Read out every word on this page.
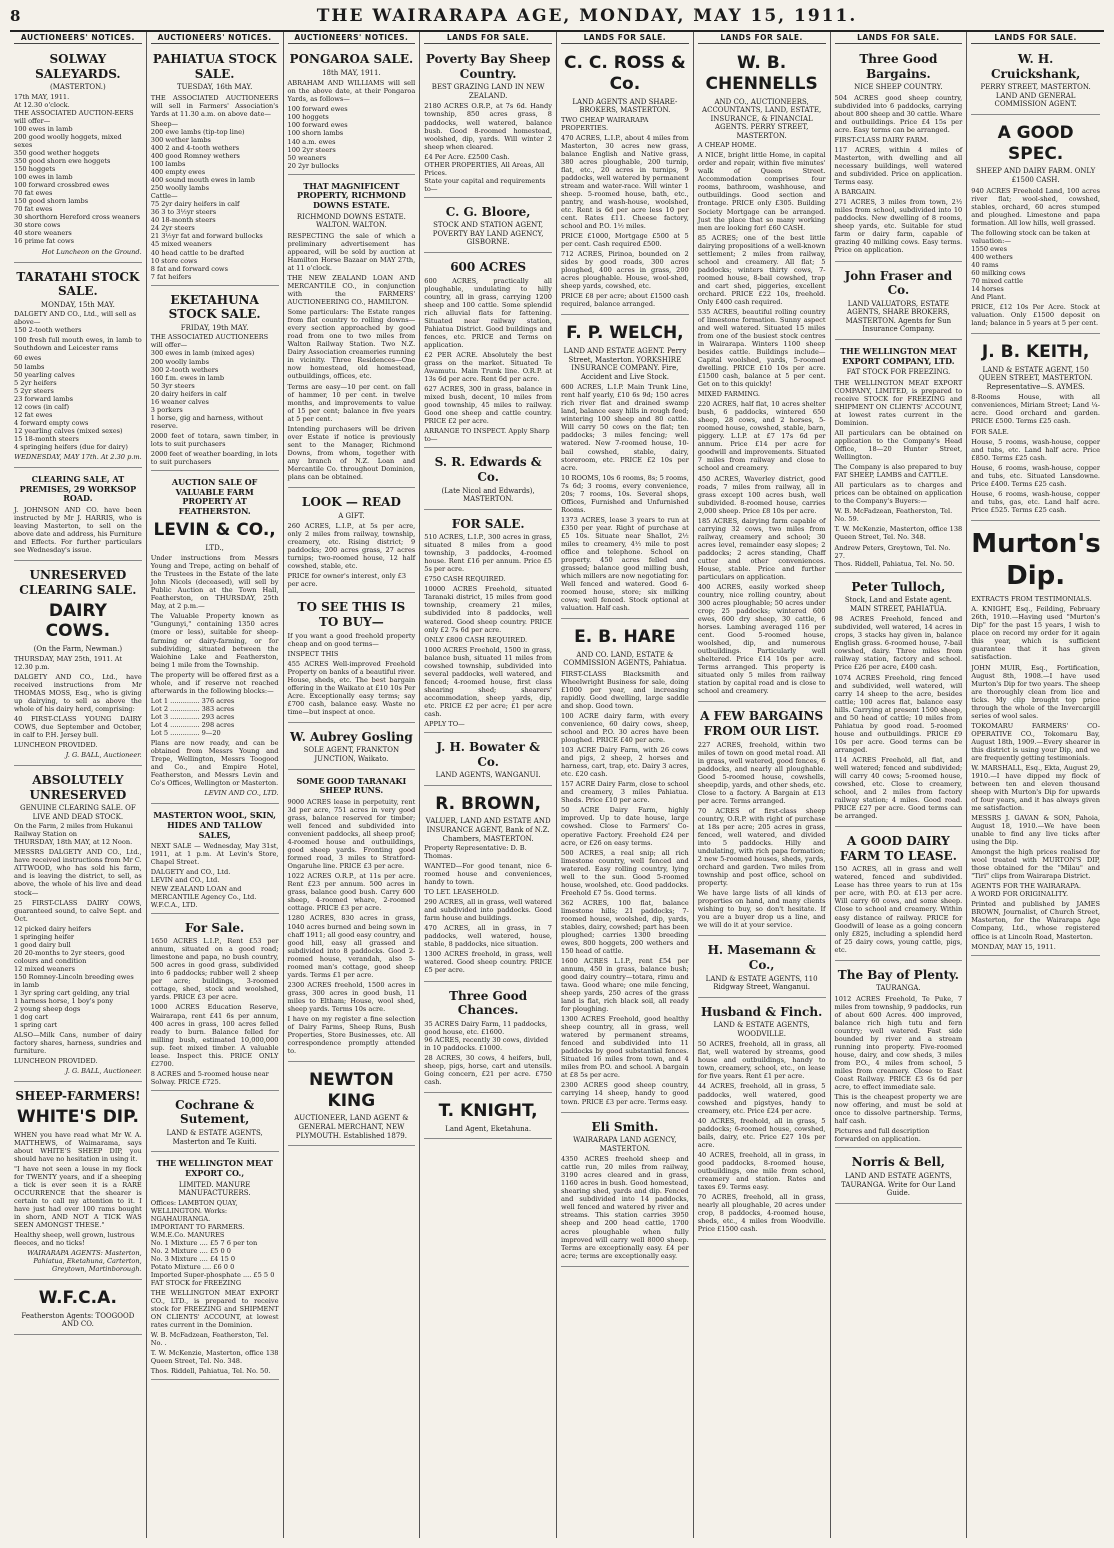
8	THE WAIRARAPA AGE, MONDAY, MAY 15, 1911.
AUCTIONEERS' NOTICES.
SOLWAY SALEYARDS.
(MASTERTON.)
17th MAY, 1911.
At 12.30 o'clock.
THE ASSOCIATED AUCTION-EERS will offer—
100 ewes in lamb
200 good woolly hoggets, mixed sexes
350 good wether hoggets
350 good shorn ewe hoggets
150 hoggets
100 ewes in lamb
100 forward crossbred ewes
70 fat ewes
150 good shorn lambs
70 fat ewes
30 shorthorn Hereford cross weaners
30 store cows
40 store weaners
16 prime fat cows
Hot Luncheon on the Ground.
TARATAHI STOCK SALE.
MONDAY, 15th MAY.
DALGETY AND CO., Ltd., will sell as above—
150 2-tooth wethers
100 fresh full mouth ewes, in lamb to Southdown and Leicester rams
60 ewes
50 lambs
50 yearling calves
5 2yr heifers
5 2yr steers
23 forward lambs
12 cows (in calf)
12 fat ewes
4 forward empty cows
12 yearling calves (mixed sexes)
15 18-month steers
4 springing heifers (due for dairy)
WEDNESDAY, MAY 17th. At 2.30 p.m.
CLEARING SALE, AT PREMISES, 29 WORKSOP ROAD.
J. JOHNSON AND CO. have been instructed by Mr J. HARRIS, who is leaving Masterton, to sell on the above date and address, his Furniture and Effects. For further particulars see Wednesday's issue.
UNRESERVED CLEARING SALE.
DAIRY COWS.
(On the Farm, Newman.)
THURSDAY, MAY 25th, 1911. At 12.30 p.m.
DALGETY AND CO., Ltd., have received instructions from Mr THOMAS MOSS, Esq., who is giving up dairying, to sell as above the whole of his dairy herd, comprising:
40 FIRST-CLASS YOUNG DAIRY COWS, due September and October, in calf to P.H. Jersey bull.
LUNCHEON PROVIDED.
J. G. BALL, Auctioneer.
ABSOLUTELY UNRESERVED
GENUINE CLEARING SALE. OF LIVE AND DEAD STOCK.
On the Farm, 2 miles from Hukanui Railway Station on
THURSDAY, 18th MAY, at 12 Noon.
MESSRS DALGETY AND CO., Ltd., have received instructions from Mr C. ATTWOOD, who has sold his farm, and is leaving the district, to sell, as above, the whole of his live and dead stock—
25 FIRST-CLASS DAIRY COWS, guaranteed sound, to calve Sept. and Oct.
12 picked dairy heifers
1 springing heifer
1 good dairy bull
20 20-months to 2yr steers, good colours and condition
12 mixed weaners
150 Romney-Lincoln breeding ewes in lamb
1 3yr spring cart gelding, any trial
1 harness horse, 1 boy's pony
2 young sheep dogs
1 dog cart
1 spring cart
ALSO—Milk Cans, number of dairy factory shares, harness, sundries and furniture.
LUNCHEON PROVIDED.
J. G. BALL, Auctioneer.
SHEEP-FARMERS!
WHITE'S DIP.
WHEN you have read what Mr W. A. MATTHEWS, of Waimarama, says about WHITE'S SHEEP DIP, you should have no hesitation in using it.
"I have not seen a louse in my flock for TWENTY years, and if a sheeping a tick is ever seen it is a RARE OCCURRENCE that the shearer is certain to call my attention to it. I have just had over 100 rams bought in shorn, AND NOT A TICK WAS SEEN AMONGST THESE."
Healthy sheep, well grown, lustrous fleeces, and no ticks!
WAIRARAPA AGENTS: Masterton, Pahiatua, Eketahuna, Carterton, Greytown, Martinborough.
W.F.C.A.
Featherston Agents: TOOGOOD AND CO.
AUCTIONEERS' NOTICES.
PAHIATUA STOCK SALE.
TUESDAY, 16th MAY.
THE ASSOCIATED AUCTIONEERS will sell in Farmers' Association's Yards at 11.30 a.m. on above date—
Sheep—
200 ewe lambs (tip-top line)
300 wether lambs
400 2 and 4-tooth wethers
400 good Romney wethers
100 lambs
400 empty ewes
400 sound mouth ewes in lamb
250 woolly lambs
Cattle—
75 2yr dairy heifers in calf
36 3 to 3½yr steers
40 18-month steers
24 2yr steers
21 3½yr fat and forward bullocks
45 mixed weaners
40 head cattle to be drafted
10 store cows
8 fat and forward cows
7 fat heifers
EKETAHUNA STOCK SALE.
FRIDAY, 19th MAY.
THE ASSOCIATED AUCTIONEERS will offer—
300 ewes in lamb (mixed ages)
200 woolly lambs
300 2-tooth wethers
160 f.m. ewes in lamb
50 3yr steers
20 dairy heifers in calf
16 weaner calves
3 porkers
1 horse, gig and harness, without reserve.
2000 feet of totara, sawn timber, in lots to suit purchasers
2000 feet of weather boarding, in lots to suit purchasers
AUCTION SALE OF VALUABLE FARM PROPERTY AT FEATHERSTON.
LEVIN & CO.,
LTD.,
Under instructions from Messrs Young and Trepe, acting on behalf of the Trustees in the Estate of the late John Nicols (deceased), will sell by Public Auction at the Town Hall, Featherston, on THURSDAY, 25th May, at 2 p.m.—
The Valuable Property known as "Gungunyi," containing 1350 acres (more or less), suitable for sheep-farming or dairy-farming, or for subdividing, situated between the Waiohine Lake and Featherston, being 1 mile from the Township.
The property will be offered first as a whole, and if reserve not reached afterwards in the following blocks:—
Lot 1 .............. 376 acres
Lot 2 .............. 383 acres
Lot 3 .............. 293 acres
Lot 4 .............. 298 acres
Lot 5 .............. 9—20
Plans are now ready, and can be obtained from Messrs Young and Trepe, Wellington, Messrs Toogood and Co., and Empire Hotel, Featherston, and Messrs Levin and Co's Offices, Wellington or Masterton.
LEVIN AND CO., LTD.
MASTERTON WOOL, SKIN, HIDES AND TALLOW SALES,
NEXT SALE — Wednesday, May 31st, 1911, at 1 p.m. At Levin's Store, Chapel Street.
DALGETY and CO., Ltd.
LEVIN and CO., Ltd.
NEW ZEALAND LOAN and MERCANTILE Agency Co., Ltd.
W.F.C.A., LTD.
For Sale.
1650 ACRES L.I.P., Rent £53 per annum, situated on a good road; limestone and papa, no bush country, 500 acres in good grass, subdivided into 6 paddocks; rubber well 2 sheep per acre; buildings, 3-roomed cottage, shed, stock and woolshed, yards. PRICE £3 per acre.
1000 ACRES Education Reserve, Wairarapa, rent £41 6s per annum, 400 acres in grass, 100 acres felled ready to burn. Balance felled for milling bush, estimated 10,000,000 sup. feet mixed timber. A valuable lease. Inspect this. PRICE ONLY £2700.
8 ACRES and 5-roomed house near Solway. PRICE £725.
Cochrane & Sutement,
LAND & ESTATE AGENTS, Masterton and Te Kuiti.
THE WELLINGTON MEAT EXPORT CO.,
LIMITED. MANURE MANUFACTURERS.
Offices: LAMBTON QUAY, WELLINGTON. Works: NGAHAURANGA.
IMPORTANT TO FARMERS. W.M.E.Co. MANURES
No. 1 Mixture .... £5 7 6 per ton
No. 2 Mixture .... £5 0 0
No. 3 Mixture .... £4 15 0
Potato Mixture .... £6 0 0
Imported Super-phosphate .... £5 5 0
FAT STOCK for FREEZING
THE WELLINGTON MEAT EXPORT CO., LTD., is prepared to receive stock for FREEZING and SHIPMENT ON CLIENTS' ACCOUNT, at lowest rates current in the Dominion.
W. B. McFadzean, Featherston, Tel. No. .
T. W. McKenzie, Masterton, office 138 Queen Street, Tel. No. 348.
Thos. Riddell, Pahiatua, Tel. No. 50.
AUCTIONEERS' NOTICES.
PONGAROA SALE.
18th MAY, 1911.
ABRAHAM AND WILLIAMS will sell on the above date, at their Pongaroa Yards, as follows—
100 forward ewes
100 hoggets
100 forward ewes
100 shorn lambs
140 a.m. ewes
100 2yr steers
50 weaners
20 2yr bullocks
THAT MAGNIFICENT PROPERTY, RICHMOND DOWNS ESTATE.
RICHMOND DOWNS ESTATE. WALTON. WALTON.
RESPECTING the sale of which a preliminary advertisement has appeared, will be sold by auction at Hamilton Horse Bazaar on MAY 27th, at 11 o'clock.
THE NEW ZEALAND LOAN AND MERCANTILE CO., in conjunction with the FARMERS' AUCTIONEERING CO., HAMILTON.
Some particulars: The Estate ranges from flat country to rolling downs—every section approached by good road from one to two miles from Walton Railway Station. Two N.Z. Dairy Association creameries running in vicinity. Three Residences—One now homestead, old homestead, outbuildings, offices, etc.
Terms are easy—10 per cent. on fall of hammer, 10 per cent. in twelve months, and improvements to value of 15 per cent; balance in five years at 5 per cent.
Intending purchasers will be driven over Estate if notice is previously sent to the Manager, Richmond Downs, from whom, together with any branch of N.Z. Loan and Mercantile Co. throughout Dominion, plans can be obtained.
LOOK — READ
A GIFT.
260 ACRES, L.I.P., at 5s per acre, only 2 miles from railway, township, creamery, etc. Rising district; 9 paddocks; 200 acres grass, 27 acres turnips; two-roomed house, 12 half cowshed, stable, etc.
PRICE for owner's interest, only £3 per acre.
TO SEE THIS IS TO BUY—
If you want a good freehold property cheap and on good terms—
INSPECT THIS
455 ACRES Well-improved Freehold Property on banks of a beautiful river. House, sheds, etc. The best bargain offering in the Waikato at £10 10s Per Acre. Exceptionally easy terms; say £700 cash, balance easy. Waste no time—but inspect at once.
W. Aubrey Gosling
SOLE AGENT, FRANKTON JUNCTION, Waikato.
SOME GOOD TARANAKI SHEEP RUNS.
9000 ACRES lease in perpetuity, rent 3d per acre, 751 acres in very good grass, balance reserved for timber; well fenced and subdivided into convenient paddocks, all sheep proof; 4-roomed house and outbuildings, good sheep yards. Fronting good formed road, 3 miles to Stratford-Ongaruhe line. PRICE £3 per acre.
1022 ACRES O.R.P., at 11s per acre. Rent £23 per annum. 500 acres in grass, balance good bush. Carry 600 sheep, 4-roomed whare, 2-roomed cottage. PRICE £3 per acre.
1280 ACRES, 830 acres in grass, 1040 acres burned and being sown in chaff 1911; all good easy country, and good hill, easy all grassed and subdivided into 8 paddocks. Good 2-roomed house, verandah, also 5-roomed man's cottage, good sheep yards. Terms £1 per acre.
2300 ACRES freehold, 1500 acres in grass, 300 acres in good bush, 11 miles to Eltham; House, wool shed, sheep yards. Terms 10s acre.
I have on my register a fine selection of Dairy Farms, Sheep Runs, Bush Properties, Store Businesses, etc. All correspondence promptly attended to.
NEWTON KING
AUCTIONEER, LAND AGENT & GENERAL MERCHANT, NEW PLYMOUTH. Established 1879.
LANDS FOR SALE.
Poverty Bay Sheep Country.
BEST GRAZING LAND IN NEW ZEALAND.
2180 ACRES O.R.P., at 7s 6d. Handy township, 850 acres grass, 8 paddocks, well watered, balance bush. Good 8-roomed homestead, woolshed, dip, yards. Will winter 2 sheep when cleared.
£4 Per Acre. £2500 Cash.
OTHER PROPERTIES, All Areas, All Prices.
State your capital and requirements to—
C. G. Bloore,
STOCK AND STATION AGENT, POVERTY BAY LAND AGENCY, GISBORNE.
600 ACRES
600 ACRES, practically all ploughable, undulating to hilly country, all in grass, carrying 1200 sheep and 100 cattle. Some splendid rich alluvial flats for fattening. Situated near railway station, Pahiatua District. Good buildings and fences, etc. PRICE and Terms on application.
£2 PER ACRE. Absolutely the best grass on the market. Situated Te Awamutu. Main Trunk line. O.R.P. at 13s 6d per acre. Rent 6d per acre.
627 ACRES, 300 in grass, balance in mixed bush, decent, 10 miles from good township, 45 miles to railway. Good one sheep and cattle country. PRICE £2 per acre.
ARRANGE TO INSPECT. Apply Sharp to—
S. R. Edwards & Co.
(Late Nicol and Edwards), MASTERTON.
FOR SALE.
510 ACRES, L.I.P., 300 acres in grass, situated 8 miles from a good township, 3 paddocks, 4-roomed house. Rent £16 per annum. Price £5 5s per acre.
£750 CASH REQUIRED.
10000 ACRES Freehold, situated Taranaki district, 15 miles from good township, creamery 21 miles, subdivided into 8 paddocks, well watered. Good sheep country. PRICE only £2 7s 6d per acre.
ONLY £800 CASH REQUIRED.
1000 ACRES Freehold, 1500 in grass, balance bush, situated 11 miles from cowshed township, subdivided into several paddocks, well watered, and fenced; 4-roomed house, first class shearing shed; shearers' accommodation, sheep yards, dip, etc. PRICE £2 per acre; £1 per acre cash.
APPLY TO—
J. H. Bowater & Co.
LAND AGENTS, WANGANUI.
R. BROWN,
VALUER, LAND AND ESTATE AND INSURANCE AGENT, Bank of N.Z. Chambers, MASTERTON.
Property Representative: D. B. Thomas.
WANTED—For good tenant, nice 6-roomed house and conveniences, handy to town.
TO LET. LEASEHOLD.
290 ACRES, all in grass, well watered and subdivided into paddocks. Good farm house and buildings.
470 ACRES, all in grass, in 7 paddocks, well watered, house, stable, 8 paddocks, nice situation.
1300 ACRES freehold, in grass, well watered. Good sheep country. PRICE £5 per acre.
Three Good Chances.
35 ACRES Dairy Farm, 11 paddocks, good house, etc. £1600.
96 ACRES, recently 30 cows, divided in 10 paddocks. £1000.
28 ACRES, 30 cows, 4 heifers, bull, sheep, pigs, horse, cart and utensils. Going concern, £21 per acre. £750 cash.
T. KNIGHT,
Land Agent, Eketahuna.
LANDS FOR SALE.
C. C. ROSS & Co.
LAND AGENTS AND SHARE-BROKERS, MASTERTON.
TWO CHEAP WAIRARAPA PROPERTIES.
470 ACRES, L.I.P., about 4 miles from Masterton, 30 acres new grass, balance English and Native grass, 380 acres ploughable, 200 turnip, flat, etc., 20 acres in turnips, 9 paddocks, well watered by permanent stream and water-race. Will winter 1 sheep. 5-roomed house, bath, etc., pantry, and wash-house, woolshed, etc. Rent is 6d per acre less 10 per cent. Rates £11. Cheese factory, school and P.O. 1½ miles.
PRICE £1000, Mortgage £500 at 5 per cent. Cash required £500.
712 ACRES, Pirinoa, bounded on 2 sides by good roads, 300 acres ploughed, 400 acres in grass, 200 acres ploughable. House, wool-shed, sheep yards, cowshed, etc.
PRICE £8 per acre; about £1500 cash required, balance arranged.
F. P. WELCH,
LAND AND ESTATE AGENT. Perry Street, Masterton. YORKSHIRE INSURANCE COMPANY. Fire, Accident and Live Stock.
600 ACRES, L.I.P. Main Trunk Line, rent half yearly, £10 6s 9d; 150 acres rich river flat and drained swamp land, balance easy hills in rough feed; wintering 100 sheep and 80 cattle. Will carry 50 cows on the flat; ten paddocks; 3 miles fencing; well watered. New 7-roomed house, 10-bail cowshed, stable, dairy, storeroom, etc. PRICE £2 10s per acre.
10 ROOMS, 10s 6 rooms, 8s; 5 rooms, 7s 6d; 3 rooms, every convenience, 20s; 7 rooms, 10s. Several shops, Offices, Furnished and Unfurnished Rooms.
1373 ACRES, lease 3 years to run at £350 per year. Right of purchase at £5 10s. Situate near Shallot, 2½ miles to creamery, 4½ mile to post office and telephone. School on property. 450 acres felled and grassed; balance good milling bush, which millers are now negotiating for. Well fenced and watered. Good 6-roomed house, store; six milking cows; well fenced. Stock optional at valuation. Half cash.
E. B. HARE
AND CO. LAND, ESTATE & COMMISSION AGENTS, Pahiatua.
FIRST-CLASS Blacksmith and Wheelwright Business for sale, doing £1000 per year, and increasing rapidly. Good dwelling, large saddle and shop. Good town.
100 ACRE dairy farm, with every convenience, 60 dairy cows, sheep, school and P.O. 30 acres have been ploughed. PRICE £40 per acre.
103 ACRE Dairy Farm, with 26 cows and pigs, 2 sheep, 2 horses and harness, cart, trap, etc. Dairy 3 acres, etc. £20 cash.
157 ACRE Dairy Farm, close to school and creamery, 3 miles Pahiatua. Sheds. Price £10 per acre.
50 ACRE Dairy Farm, highly improved. Up to date house, large cowshed. Close to Farmers' Co-operative Factory. Freehold £24 per acre, or £26 on easy terms.
500 ACRES, a real snip; all rich limestone country, well fenced and watered. Easy rolling country, lying well to the sun. Good 5-roomed house, woolshed, etc. Good paddocks. Freehold £7 5s. Good terms.
362 ACRES, 100 flat, balance limestone hills; 21 paddocks; 7-roomed house, woolshed, dip, yards, stables, dairy, cowshed; part has been ploughed; carries 1300 breeding ewes, 800 hoggets, 200 wethers and 150 head of cattle.
1600 ACRES L.I.P., rent £54 per annum, 450 in grass, balance bush; good dairy country—totara, rimu and tawa. Good whare; one mile fencing, sheep yards, 250 acres of the grass land is flat, rich black soil, all ready for ploughing.
1300 ACRES Freehold, good healthy sheep country, all in grass, well watered by permanent streams, fenced and subdivided into 11 paddocks by good substantial fences. Situated 16 miles from town, and 4 miles from P.O. and school. A bargain at £8 5s per acre.
2300 ACRES good sheep country, carrying 14 sheep, handy to good town. PRICE £3 per acre. Terms easy.
Eli Smith.
WAIRARAPA LAND AGENCY, MASTERTON.
4350 ACRES freehold sheep and cattle run, 20 miles from railway, 3190 acres cleared and in grass, 1160 acres in bush. Good homestead, shearing shed, yards and dip. Fenced and subdivided into 14 paddocks, well fenced and watered by river and streams. This station carries 3950 sheep and 200 head cattle, 1700 acres ploughable when fully improved will carry well 8000 sheep. Terms are exceptionally easy. £4 per acre; terms are exceptionally easy.
LANDS FOR SALE.
W. B. CHENNELLS
AND CO., AUCTIONEERS, ACCOUNTANTS, LAND, ESTATE, INSURANCE, & FINANCIAL AGENTS. PERRY STREET, MASTERTON.
A CHEAP HOME.
A NICE, bright little Home, in capital order and repair, within five minutes' walk of Queen Street. Accommodation comprises four rooms, bathroom, washhouse, and outbuildings. Good section and frontage. PRICE only £305. Building Society Mortgage can be arranged. Just the place that so many working men are looking for! £60 CASH.
85 ACRES; one of the best little dairying propositions of a well-known settlement; 2 miles from railway, school and creamery. All flat; 5 paddocks; winters thirty cows, 7-roomed house, 8-bail cowshed, trap and cart shed, piggeries, excellent orchard. PRICE £22 10s, freehold. Only £400 cash required.
535 ACRES, beautiful rolling country of limestone formation. Sunny aspect and well watered. Situated 15 miles from one of the busiest stock centres in Wairarapa. Winters 1100 sheep besides cattle. Buildings include—Capital woolshed, yards, 5-roomed dwelling. PRICE £10 10s per acre. £1500 cash, balance at 5 per cent. Get on to this quickly!
MIXED FARMING.
220 ACRES, half flat, 10 acres shelter bush, 6 paddocks, wintered 650 sheep, 28 cows, and 2 horses, 5-roomed house, cowshed, stable, barn, piggery. L.I.P. at £7 17s 6d per annum. Price £14 per acre for goodwill and improvements. Situated 7 miles from railway and close to school and creamery.
450 ACRES, Waverley district, good roads, 7 miles from railway, all in grass except 100 acres bush, well subdivided. 8-roomed house, carries 2,000 sheep. Price £8 10s per acre.
185 ACRES, dairying farm capable of carrying 32 cows, two miles from railway, creamery and school; 30 acres level, remainder easy slopes; 2 paddocks; 2 acres standing, Chaff cutter and other conveniences. House, stable. Price and further particulars on application.
400 ACRES, easily worked sheep country, nice rolling country, about 300 acres ploughable; 50 acres under crop; 25 paddocks; wintered 600 ewes, 600 dry sheep, 30 cattle, 6 horses. Lambing averaged 116 per cent. Good 5-roomed house, woolshed, dip, and numerous outbuildings. Particularly well sheltered. Price £14 10s per acre. Terms arranged. This property is situated only 5 miles from railway station by capital road and is close to school and creamery.
A FEW BARGAINS FROM OUR LIST.
227 ACRES, freehold, within two miles of town on good metal road. All in grass, well watered, good fences, 6 paddocks, and nearly all ploughable. Good 5-roomed house, cowshells, sheepdip, yards, and other sheds, etc. Close to a factory. A Bargain at £13 per acre. Terms arranged.
70 ACRES of first-class sheep country, O.R.P. with right of purchase at 18s per acre; 205 acres in grass, fenced, well watered, and divided into 5 paddocks. Hilly and undulating, with rich papa formation; 2 new 5-roomed houses, sheds, yards, orchard and garden. Two miles from township and post office, school on property.
We have large lists of all kinds of properties on hand, and many clients wishing to buy, so don't hesitate. If you are a buyer drop us a line, and we will do it at your service.
H. Masemann & Co.,
LAND & ESTATE AGENTS, 110 Ridgway Street, Wanganui.
Husband & Finch.
LAND & ESTATE AGENTS, WOODVILLE.
50 ACRES, freehold, all in grass, all flat, well watered by streams, good house and outbuildings, handy to town, creamery, school, etc., on lease for five years. Rent £1 per acre.
44 ACRES, freehold, all in grass, 5 paddocks, well watered, good cowshed and pigstyes, handy to creamery, etc. Price £24 per acre.
40 ACRES, freehold, all in grass, 5 paddocks; 6-roomed house, cowshed, bails, dairy, etc. Price £27 10s per acre.
40 ACRES, freehold, all in grass, in good paddocks, 8-roomed house, outbuildings, one mile from school, creamery and station. Rates and taxes £9. Terms easy.
70 ACRES, freehold, all in grass, nearly all ploughable, 20 acres under crop, 8 paddocks, 4-roomed house, sheds, etc., 4 miles from Woodville. Price £1500 cash.
LANDS FOR SALE.
Three Good Bargains.
NICE SHEEP COUNTRY.
504 ACRES good sheep country, subdivided into 6 paddocks, carrying about 800 sheep and 30 cattle. Whare and outbuildings. Price £4 15s per acre. Easy terms can be arranged.
FIRST-CLASS DAIRY FARM.
117 ACRES, within 4 miles of Masterton, with dwelling and all necessary buildings, well watered and subdivided. Price on application. Terms easy.
A BARGAIN.
271 ACRES, 3 miles from town, 2½ miles from school, subdivided into 10 paddocks. New dwelling of 8 rooms, sheep yards, etc. Suitable for stud farm or dairy farm, capable of grazing 40 milking cows. Easy terms. Price on application.
John Fraser and Co.
LAND VALUATORS, ESTATE AGENTS, SHARE BROKERS, MASTERTON. Agents for Sun Insurance Company.
THE WELLINGTON MEAT EXPORT COMPANY, LTD.
FAT STOCK FOR FREEZING.
THE WELLINGTON MEAT EXPORT COMPANY, LIMITED, is prepared to receive STOCK for FREEZING and SHIPMENT ON CLIENTS' ACCOUNT, at lowest rates current in the Dominion.
All particulars can be obtained on application to the Company's Head Office, 18—20 Hunter Street, Wellington.
The Company is also prepared to buy FAT SHEEP, LAMBS and CATTLE.
All particulars as to charges and prices can be obtained on application to the Company's Buyers:—
W. B. McFadzean, Featherston, Tel. No. 59.
T. W. McKenzie, Masterton, office 138 Queen Street, Tel. No. 348.
Andrew Peters, Greytown, Tel. No. 27.
Thos. Riddell, Pahiatua, Tel. No. 50.
Peter Tulloch,
Stock, Land and Estate agent. MAIN STREET, PAHIATUA.
98 ACRES Freehold, fenced and subdivided, well watered, 14 acres in crops, 3 stacks hay given in, balance English grass. 6-roomed house, 7-bail cowshed, dairy. Three miles from railway station, factory and school. Price £26 per acre, £400 cash.
1074 ACRES Freehold, ring fenced and subdivided, well watered, will carry 14 sheep to the acre, besides cattle; 100 acres flat, balance easy hills. Carrying at present 1500 sheep, and 50 head of cattle; 10 miles from Pahiatua by good road. 5-roomed house and outbuildings. PRICE £9 10s per acre. Good terms can be arranged.
114 ACRES Freehold, all flat, and well watered; fenced and subdivided; will carry 40 cows; 5-roomed house, cowshed, etc. Close to creamery, school, and 2 miles from factory railway station; 4 miles. Good road. PRICE £27 per acre. Good terms can be arranged.
A GOOD DAIRY FARM TO LEASE.
150 ACRES, all in grass and well watered, fenced and subdivided. Lease has three years to run at 15s per acre, with P.O. at £13 per acre. Will carry 60 cows, and some sheep. Close to school and creamery. Within easy distance of railway. PRICE for Goodwill of lease as a going concern only £825, including a splendid herd of 25 dairy cows, young cattle, pigs, etc.
The Bay of Plenty.
TAURANGA.
1012 ACRES Freehold, Te Puke, 7 miles from township, 9 paddocks, run of about 600 Acres. 400 improved, balance rich high tutu and fern country; well watered. Fast side bounded by river and a stream running into property. Five-roomed house, dairy, and cow sheds, 3 miles from P.O., 4 miles from school, 5 miles from creamery. Close to East Coast Railway. PRICE £3 6s 6d per acre, to effect immediate sale.
This is the cheapest property we are now offering, and must be sold at once to dissolve partnership. Terms, half cash.
Pictures and full description forwarded on application.
Norris & Bell,
LAND AND ESTATE AGENTS, TAURANGA. Write for Our Land Guide.
LANDS FOR SALE.
W. H. Cruickshank,
PERRY STREET, MASTERTON. LAND AND GENERAL COMMISSION AGENT.
A GOOD SPEC.
SHEEP AND DAIRY FARM. ONLY £1500 CASH.
940 ACRES Freehold Land, 100 acres river flat; wool-shed, cowshed, stables, orchard, 60 acres stumped and ploughed. Limestone and papa formation. All low hills, well grassed.
The following stock can be taken at valuation:—
1550 ewes
400 wethers
40 rams
60 milking cows
70 mixed cattle
14 horses
And Plant.
PRICE, £12 10s Per Acre. Stock at valuation. Only £1500 deposit on land; balance in 5 years at 5 per cent.
J. B. KEITH,
LAND & ESTATE AGENT, 150 QUEEN STREET, MASTERTON. Representative—S. AYMES.
8-Rooms House, with all conveniences, Miriam Street; Land ¼-acre. Good orchard and garden. PRICE £500. Terms £25 cash.
FOR SALE.
House, 5 rooms, wash-house, copper and tubs, etc. Land half acre. Price £850. Terms £25 cash.
House, 6 rooms, wash-house, copper and tubs, etc. Situated Lansdowne. Price £400. Terms £25 cash.
House, 6 rooms, wash-house, copper and tubs, gas, etc. Land half acre. Price £525. Terms £25 cash.
Murton's Dip.
EXTRACTS FROM TESTIMONIALS.
A. KNIGHT, Esq., Feilding, February 26th, 1910.—Having used "Murton's Dip" for the past 15 years, I wish to place on record my order for it again this year, which is sufficient guarantee that it has given satisfaction.
JOHN MUIR, Esq., Fortification, August 8th, 1908.—I have used Murton's Dip for two years. The sheep are thoroughly clean from lice and ticks. My clip brought top price through the whole of the Invercargill series of wool sales.
TOKOMARU FARMERS' CO-OPERATIVE CO., Tokomaru Bay, August 18th, 1909.—Every shearer in this district is using your Dip, and we are frequently getting testimonials.
W. MARSHALL, Esq., Ekta, August 29, 1910.—I have dipped my flock of between ten and eleven thousand sheep with Murton's Dip for upwards of four years, and it has always given me satisfaction.
MESSRS J. GAVAN & SON, Pahoia, August 18, 1910.—We have been unable to find any live ticks after using the Dip.
Amongst the high prices realised for wool treated with MURTON'S DIP, those obtained for the "Milau" and "Tiri" clips from Wairarapa District.
AGENTS FOR THE WAIRARAPA.
A WORD FOR ORIGINALITY.
Printed and published by JAMES BROWN, Journalist, of Church Street, Masterton, for the Wairarapa Age Company, Ltd., whose registered office is at Lincoln Road, Masterton.
MONDAY, MAY 15, 1911.
